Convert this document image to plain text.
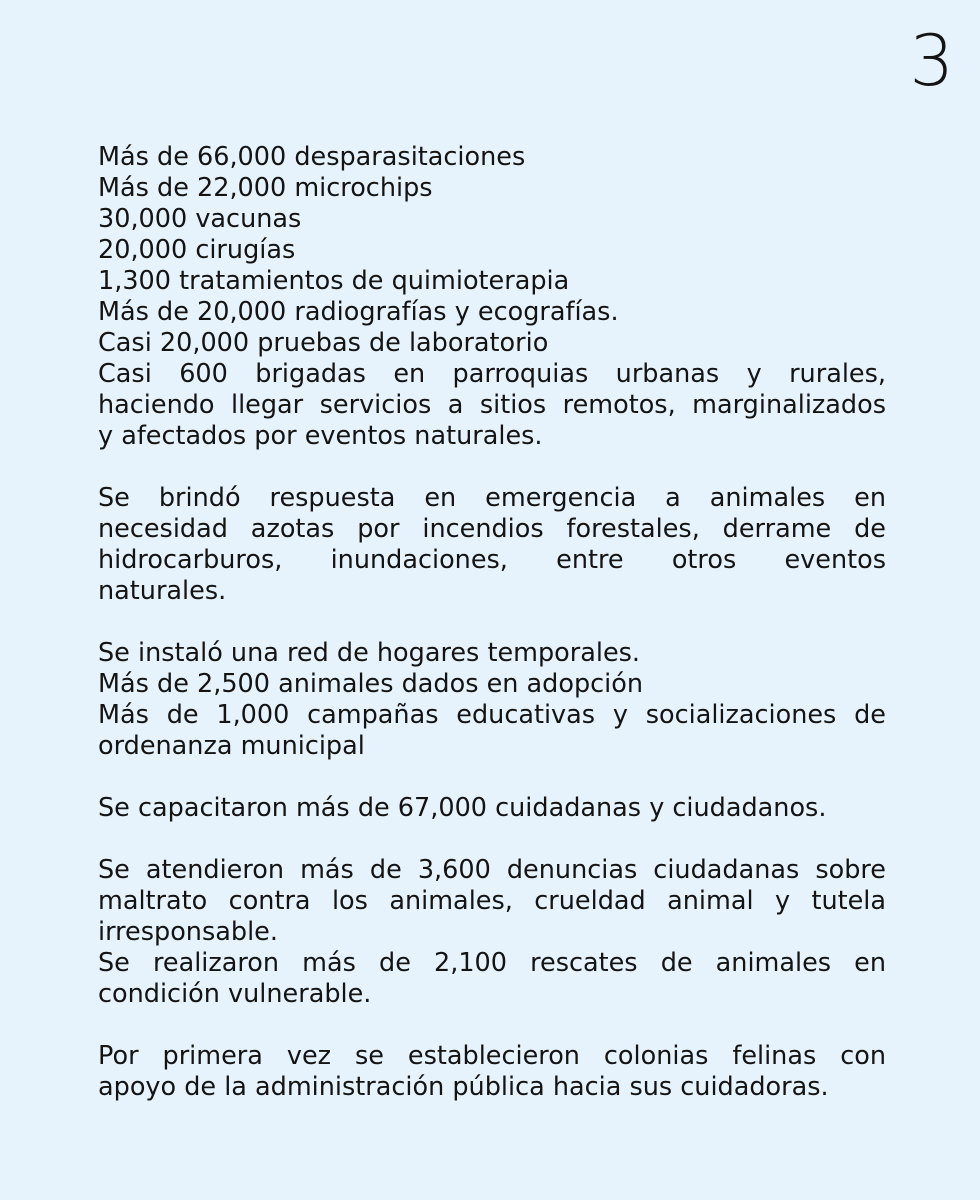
3
Más de 66,000 desparasitaciones
Más de 22,000 microchips
30,000 vacunas
20,000 cirugías
1,300 tratamientos de quimioterapia
Más de 20,000 radiografías y ecografías.
Casi 20,000 pruebas de laboratorio
Casi 600 brigadas en parroquias urbanas y rurales,
haciendo llegar servicios a sitios remotos, marginalizados
y afectados por eventos naturales.
Se brindó respuesta en emergencia a animales en
necesidad azotas por incendios forestales, derrame de
hidrocarburos, inundaciones, entre otros eventos
naturales.
Se instaló una red de hogares temporales.
Más de 2,500 animales dados en adopción
Más de 1,000 campañas educativas y socializaciones de
ordenanza municipal
Se capacitaron más de 67,000 cuidadanas y ciudadanos.
Se atendieron más de 3,600 denuncias ciudadanas sobre
maltrato contra los animales, crueldad animal y tutela
irresponsable.
Se realizaron más de 2,100 rescates de animales en
condición vulnerable.
Por primera vez se establecieron colonias felinas con
apoyo de la administración pública hacia sus cuidadoras.
